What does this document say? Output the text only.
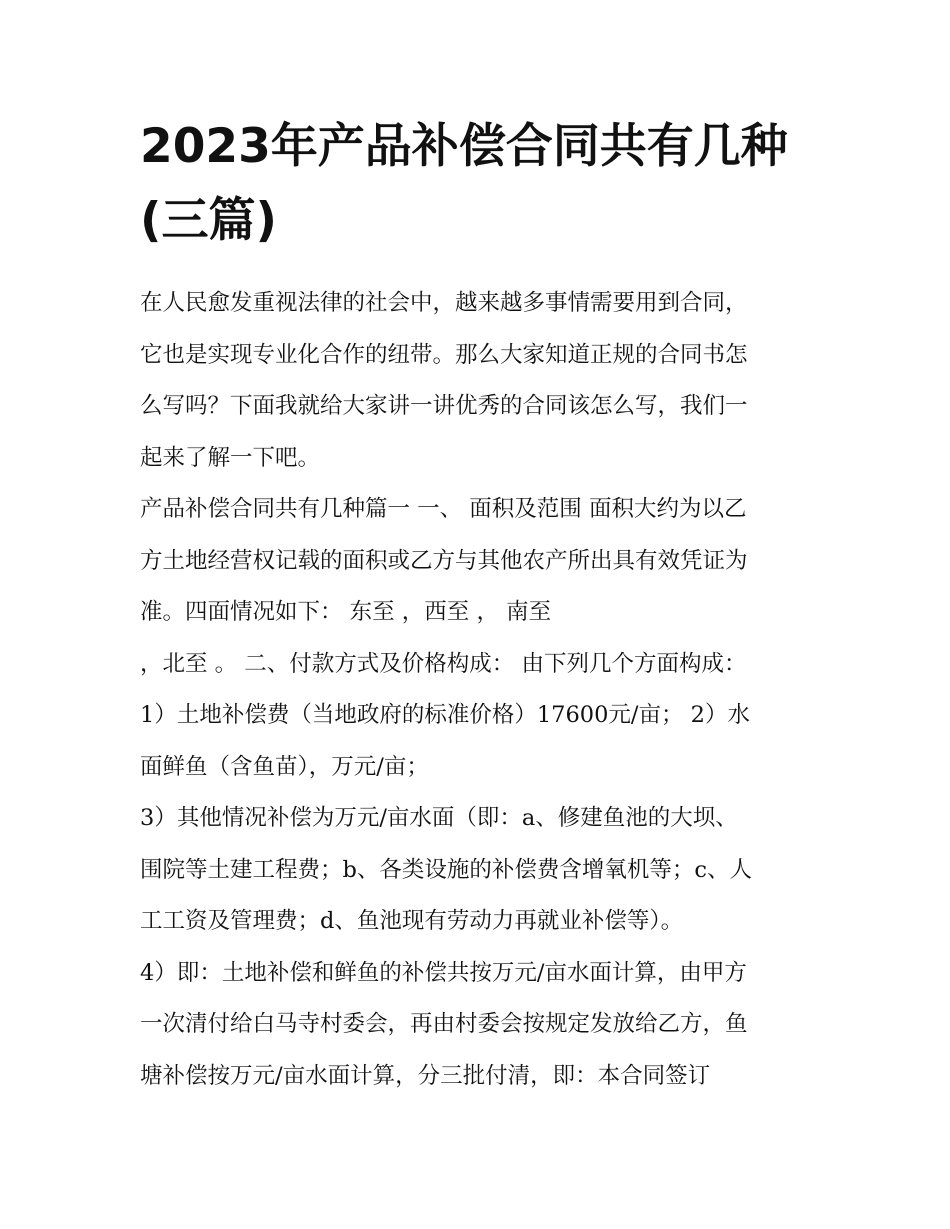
2023年产品补偿合同共有几种
(三篇)
在人民愈发重视法律的社会中，越来越多事情需要用到合同，
它也是实现专业化合作的纽带。那么大家知道正规的合同书怎
么写吗？下面我就给大家讲一讲优秀的合同该怎么写，我们一
起来了解一下吧。
产品补偿合同共有几种篇一 一、 面积及范围 面积大约为以乙
方土地经营权记载的面积或乙方与其他农产所出具有效凭证为
准。四面情况如下： 东至 ，西至 ， 南至
，北至 。 二、付款方式及价格构成： 由下列几个方面构成：
1）土地补偿费（当地政府的标准价格）17600元/亩； 2）水
面鲜鱼（含鱼苗），万元/亩；
3）其他情况补偿为万元/亩水面（即：a、修建鱼池的大坝、
围院等土建工程费；b、各类设施的补偿费含增氧机等；c、人
工工资及管理费；d、鱼池现有劳动力再就业补偿等）。
4）即：土地补偿和鲜鱼的补偿共按万元/亩水面计算，由甲方
一次清付给白马寺村委会，再由村委会按规定发放给乙方，鱼
塘补偿按万元/亩水面计算，分三批付清，即：本合同签订
